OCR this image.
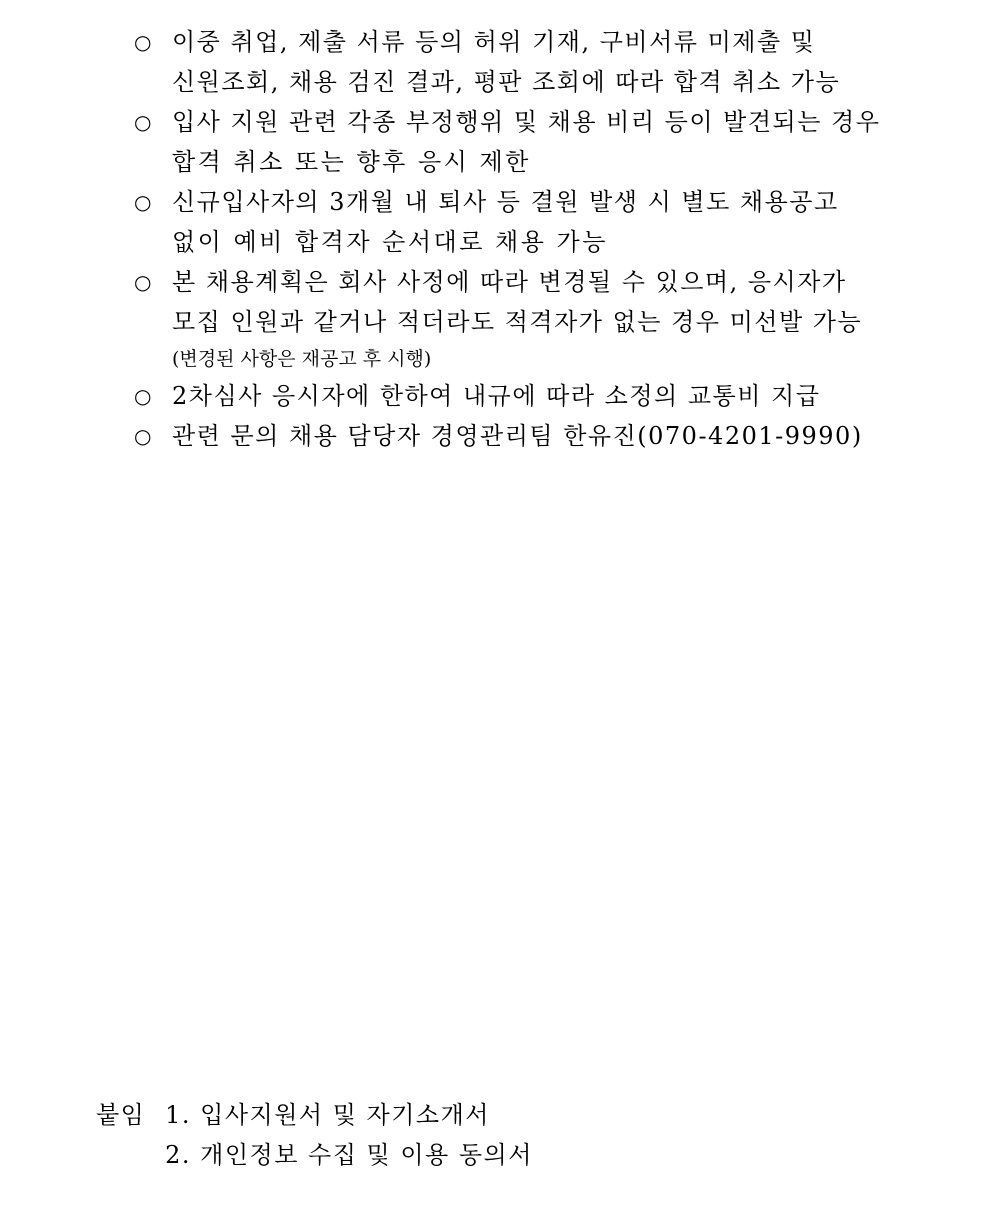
○ 이중 취업, 제출 서류 등의 허위 기재, 구비서류 미제출 및
신원조회, 채용 검진 결과, 평판 조회에 따라 합격 취소 가능
○ 입사 지원 관련 각종 부정행위 및 채용 비리 등이 발견되는 경우
합격 취소 또는 향후 응시 제한
○ 신규입사자의 3개월 내 퇴사 등 결원 발생 시 별도 채용공고
없이 예비 합격자 순서대로 채용 가능
○ 본 채용계획은 회사 사정에 따라 변경될 수 있으며, 응시자가
모집 인원과 같거나 적더라도 적격자가 없는 경우 미선발 가능
(변경된 사항은 재공고 후 시행)
○ 2차심사 응시자에 한하여 내규에 따라 소정의 교통비 지급
○ 관련 문의 채용 담당자 경영관리팀 한유진(070-4201-9990)
붙임 1. 입사지원서 및 자기소개서
2. 개인정보 수집 및 이용 동의서
